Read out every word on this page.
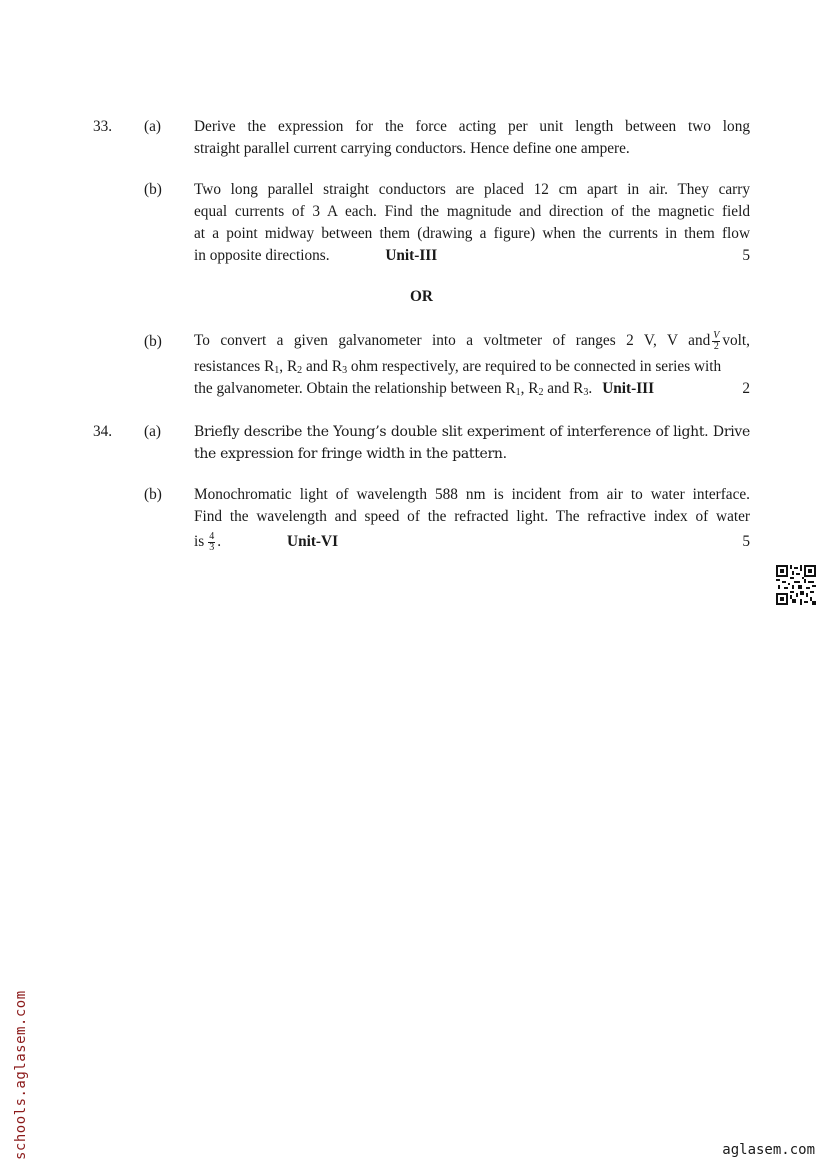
33. (a) Derive the expression for the force acting per unit length between two long
straight parallel current carrying conductors. Hence define one ampere.
(b) Two long parallel straight conductors are placed 12 cm apart in air. They carry
equal currents of 3 A each. Find the magnitude and direction of the magnetic field
at a point midway between them (drawing a figure) when the currents in them flow
in opposite directions.	Unit-III	5
OR
(b) To convert a given galvanometer into a voltmeter of ranges 2 V, V and $\frac{V}{2}$ volt,
resistances $R_1$, $R_2$ and $R_3$ ohm respectively, are required to be connected in series with
the galvanometer. Obtain the relationship between $R_1$, $R_2$ and $R_3$. Unit-III	2
34. (a) Briefly describe the Young’s double slit experiment of interference of light. Drive
the expression for fringe width in the pattern.
(b) Monochromatic light of wavelength 588 nm is incident from air to water interface.
Find the wavelength and speed of the refracted light. The refractive index of water
is $\frac{4}{3}$ .	Unit-VI	5
schools.aglasem.com	aglasem.com
